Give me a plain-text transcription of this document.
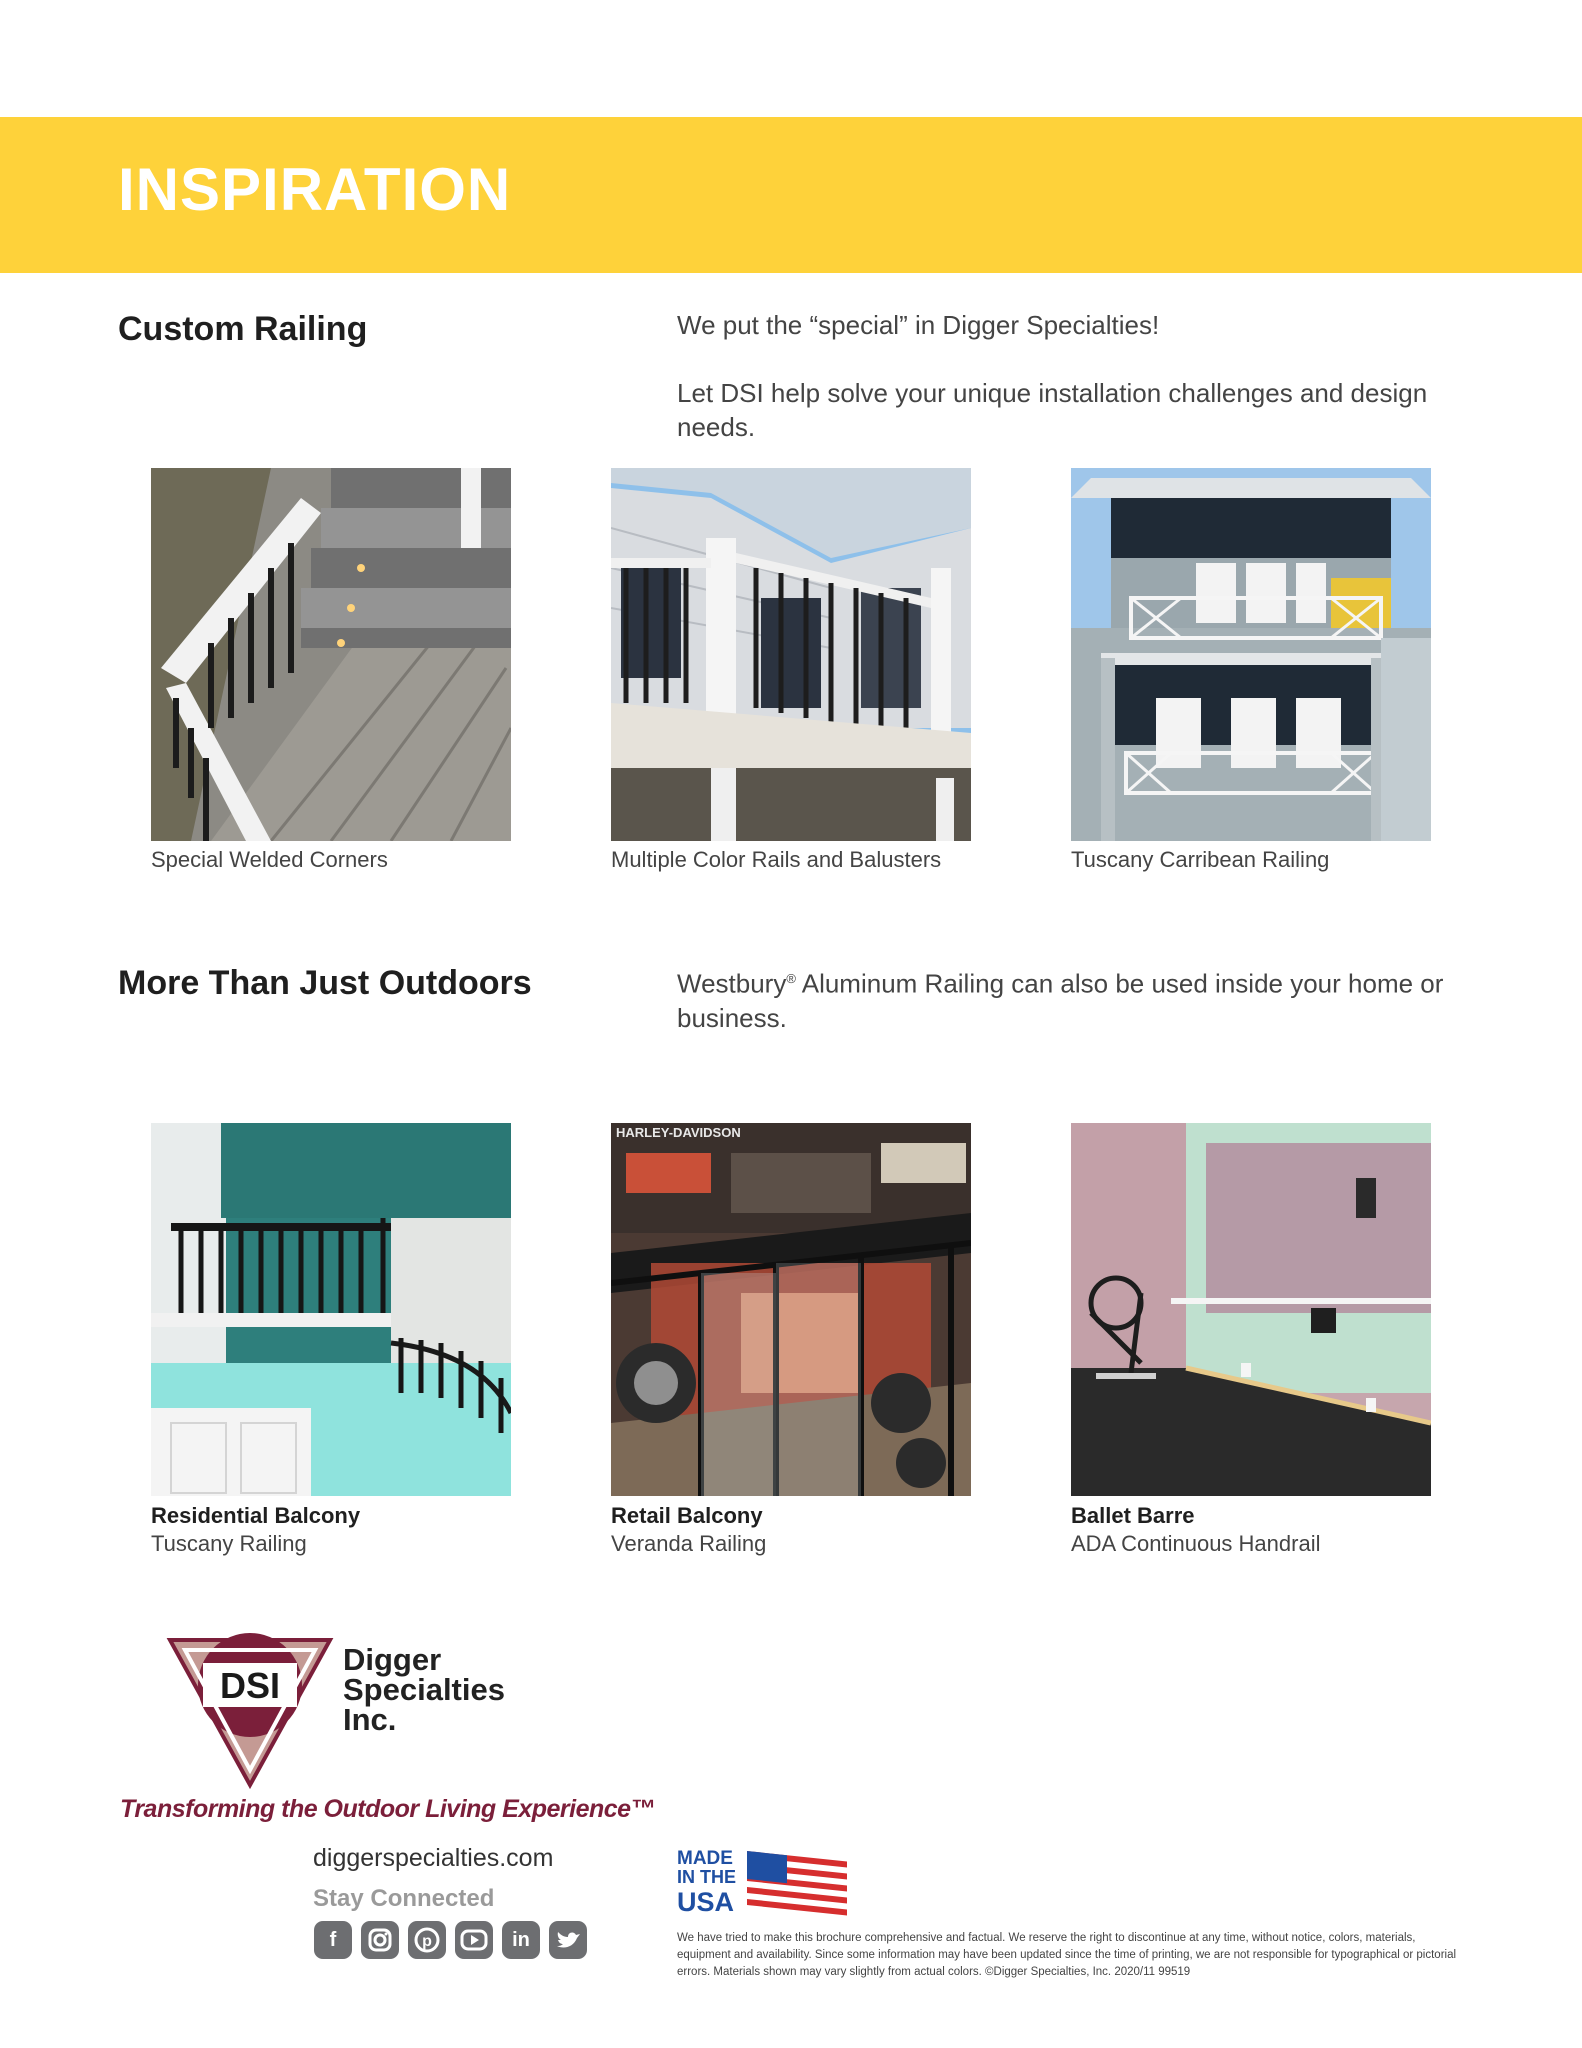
INSPIRATION
Custom Railing	We put the “special” in Digger Specialties!
Let DSI help solve your unique installation challenges and design needs.
Special Welded Corners	Multiple Color Rails and Balusters	Tuscany Carribean Railing
More Than Just Outdoors	Westbury® Aluminum Railing can also be used inside your home or business.
Residential Balcony
Tuscany Railing
HARLEY-DAVIDSON
Retail Balcony
Veranda Railing
Ballet Barre
ADA Continuous Handrail
DSI
Digger
Specialties
Inc.
Transforming the Outdoor Living Experience™
diggerspecialties.com
Stay Connected
f	p	in
MADE
IN THE
USA
We have tried to make this brochure comprehensive and factual. We reserve the right to discontinue at any time, without notice, colors, materials, equipment and availability. Since some information may have been updated since the time of printing, we are not responsible for typographical or pictorial errors. Materials shown may vary slightly from actual colors. ©Digger Specialties, Inc. 2020/11 99519
